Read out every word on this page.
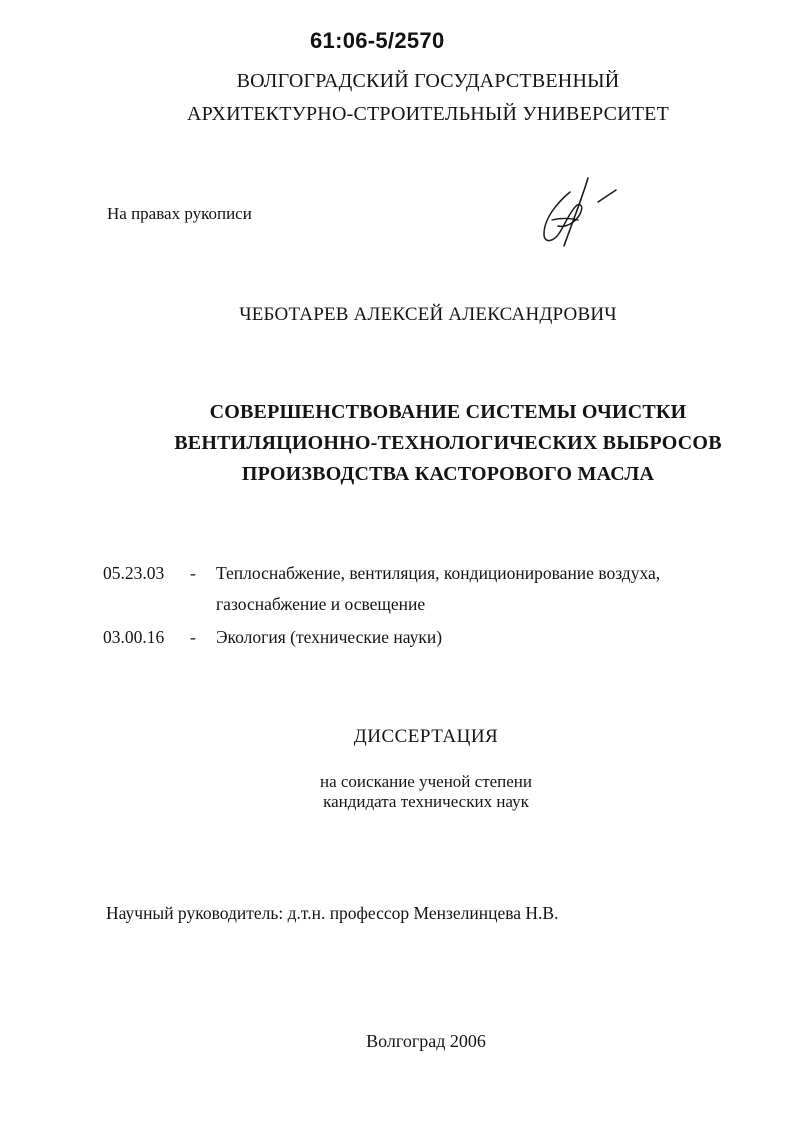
61:06-5/2570
ВОЛГОГРАДСКИЙ ГОСУДАРСТВЕННЫЙ
АРХИТЕКТУРНО-СТРОИТЕЛЬНЫЙ УНИВЕРСИТЕТ
На правах рукописи
ЧЕБОТАРЕВ АЛЕКСЕЙ АЛЕКСАНДРОВИЧ
СОВЕРШЕНСТВОВАНИЕ СИСТЕМЫ ОЧИСТКИ
ВЕНТИЛЯЦИОННО-ТЕХНОЛОГИЧЕСКИХ ВЫБРОСОВ
ПРОИЗВОДСТВА КАСТОРОВОГО МАСЛА
05.23.03 - Теплоснабжение, вентиляция, кондиционирование воздуха,
газоснабжение и освещение
03.00.16 - Экология (технические науки)
ДИССЕРТАЦИЯ
на соискание ученой степени
кандидата технических наук
Научный руководитель: д.т.н. профессор Мензелинцева Н.В.
Волгоград 2006
